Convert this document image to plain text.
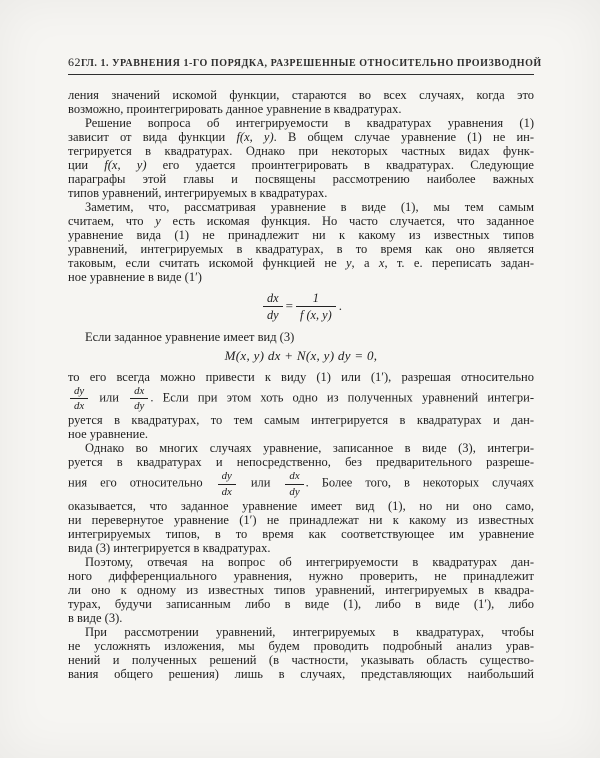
62 ГЛ. 1. УРАВНЕНИЯ 1-ГО ПОРЯДКА, РАЗРЕШЕННЫЕ ОТНОСИТЕЛЬНО ПРОИЗВОДНОЙ
ления значений искомой функции, стараются во всех случаях, когда это
возможно, проинтегрировать данное уравнение в квадратурах.
Решение вопроса об интегрируемости в квадратурах уравнения (1)
зависит от вида функции f(x, y). В общем случае уравнение (1) не ин-
тегрируется в квадратурах. Однако при некоторых частных видах функ-
ции f(x, y) его удается проинтегрировать в квадратурах. Следующие
параграфы этой главы и посвящены рассмотрению наиболее важных
типов уравнений, интегрируемых в квадратурах.
Заметим, что, рассматривая уравнение в виде (1), мы тем самым
считаем, что y есть искомая функция. Но часто случается, что заданное
уравнение вида (1) не принадлежит ни к какому из известных типов
уравнений, интегрируемых в квадратурах, в то время как оно является
таковым, если считать искомой функцией не y, а x, т. е. переписать задан-
ное уравнение в виде (1′)
$\frac{dx}{dy} = \frac{1}{f (x, y)}$ .
Если заданное уравнение имеет вид (3)
M(x, y) dx + N(x, y) dy = 0,
то его всегда можно привести к виду (1) или (1′), разрешая относительно
$\frac{dy}{dx}$ или $\frac{dx}{dy}$ . Если при этом хоть одно из полученных уравнений интегри-
руется в квадратурах, то тем самым интегрируется в квадратурах и дан-
ное уравнение.
Однако во многих случаях уравнение, записанное в виде (3), интегри-
руется в квадратурах и непосредственно, без предварительного разреше-
ния его относительно $\frac{dy}{dx}$ или $\frac{dx}{dy}$ . Более того, в некоторых случаях
оказывается, что заданное уравнение имеет вид (1), но ни оно само,
ни перевернутое уравнение (1′) не принадлежат ни к какому из известных
интегрируемых типов, в то время как соответствующее им уравнение
вида (3) интегрируется в квадратурах.
Поэтому, отвечая на вопрос об интегрируемости в квадратурах дан-
ного дифференциального уравнения, нужно проверить, не принадлежит
ли оно к одному из известных типов уравнений, интегрируемых в квадра-
турах, будучи записанным либо в виде (1), либо в виде (1′), либо
в виде (3).
При рассмотрении уравнений, интегрируемых в квадратурах, чтобы
не усложнять изложения, мы будем проводить подробный анализ урав-
нений и полученных решений (в частности, указывать область существо-
вания общего решения) лишь в случаях, представляющих наибольший
